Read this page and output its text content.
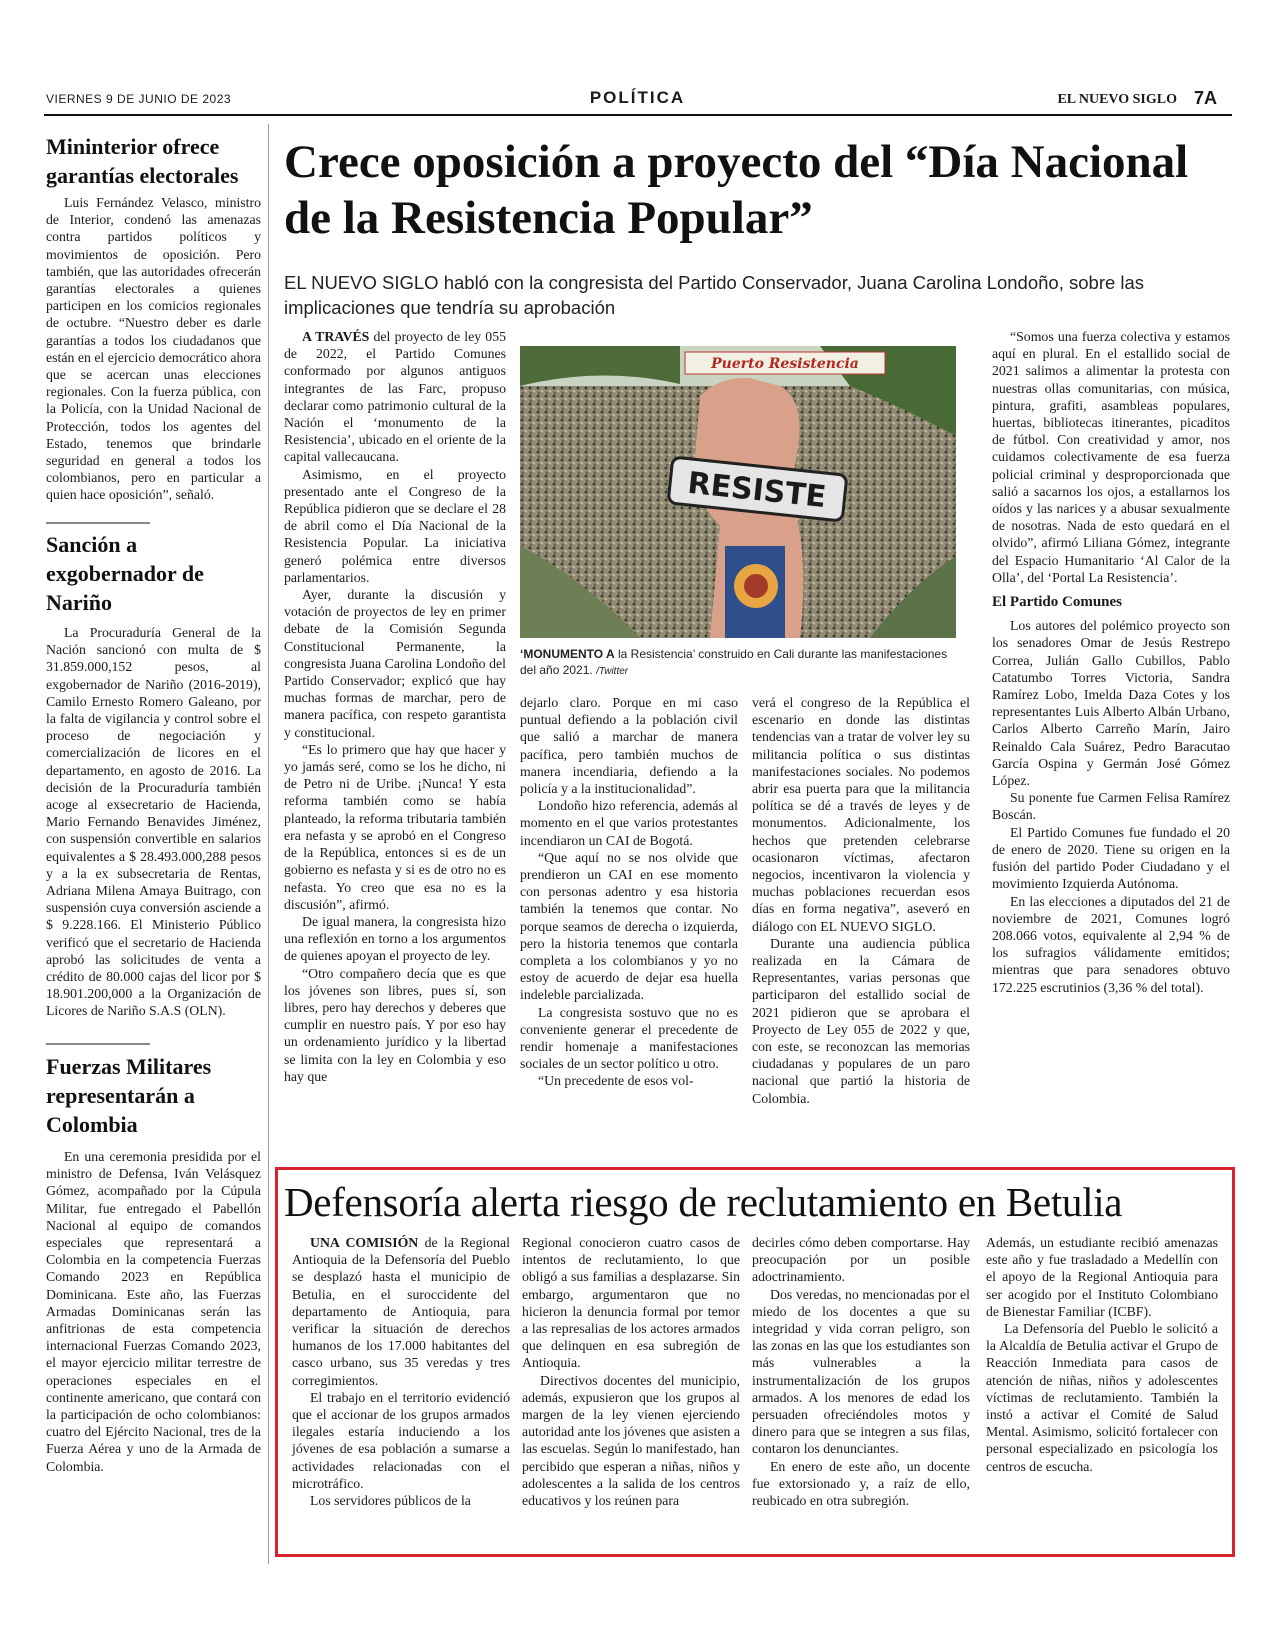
VIERNES 9 DE JUNIO DE 2023	POLÍTICA	EL NUEVO SIGLO 7A
Mininterior ofrece garantías electorales

Luis Fernández Velasco, ministro de Interior, condenó las amenazas contra partidos políticos y movimientos de oposición. Pero también, que las autoridades ofrecerán garantías electorales a quienes participen en los comicios regionales de octubre. “Nuestro deber es darle garantías a todos los ciudadanos que están en el ejercicio democrático ahora que se acercan unas elecciones regionales. Con la fuerza pública, con la Policía, con la Unidad Nacional de Protección, todos los agentes del Estado, tenemos que brindarle seguridad en general a todos los colombianos, pero en particular a quien hace oposición”, señaló.

Sanción a exgobernador de Nariño

La Procuraduría General de la Nación sancionó con multa de $ 31.859.000,152 pesos, al exgobernador de Nariño (2016-2019), Camilo Ernesto Romero Galeano, por la falta de vigilancia y control sobre el proceso de negociación y comercialización de licores en el departamento, en agosto de 2016. La decisión de la Procuraduría también acoge al exsecretario de Hacienda, Mario Fernando Benavides Jiménez, con suspensión convertible en salarios equivalentes a $ 28.493.000,288 pesos y a la ex subsecretaria de Rentas, Adriana Milena Amaya Buitrago, con suspensión cuya conversión asciende a $ 9.228.166. El Ministerio Público verificó que el secretario de Hacienda aprobó las solicitudes de venta a crédito de 80.000 cajas del licor por $ 18.901.200,000 a la Organización de Licores de Nariño S.A.S (OLN).

Fuerzas Militares representarán a Colombia

En una ceremonia presidida por el ministro de Defensa, Iván Velásquez Gómez, acompañado por la Cúpula Militar, fue entregado el Pabellón Nacional al equipo de comandos especiales que representará a Colombia en la competencia Fuerzas Comando 2023 en República Dominicana. Este año, las Fuerzas Armadas Dominicanas serán las anfitrionas de esta competencia internacional Fuerzas Comando 2023, el mayor ejercicio militar terrestre de operaciones especiales en el continente americano, que contará con la participación de ocho colombianos: cuatro del Ejército Nacional, tres de la Fuerza Aérea y uno de la Armada de Colombia.

Crece oposición a proyecto del “Día Nacional de la Resistencia Popular”
EL NUEVO SIGLO habló con la congresista del Partido Conservador, Juana Carolina Londoño, sobre las implicaciones que tendría su aprobación

A TRAVÉS del proyecto de ley 055 de 2022, el Partido Comunes conformado por algunos antiguos integrantes de las Farc, propuso declarar como patrimonio cultural de la Nación el ‘monumento de la Resistencia’, ubicado en el oriente de la capital vallecaucana.

Asimismo, en el proyecto presentado ante el Congreso de la República pidieron que se declare el 28 de abril como el Día Nacional de la Resistencia Popular. La iniciativa generó polémica entre diversos parlamentarios.

Ayer, durante la discusión y votación de proyectos de ley en primer debate de la Comisión Segunda Constitucional Permanente, la congresista Juana Carolina Londoño del Partido Conservador; explicó que hay muchas formas de marchar, pero de manera pacífica, con respeto garantista y constitucional.

“Es lo primero que hay que hacer y yo jamás seré, como se los he dicho, ni de Petro ni de Uribe. ¡Nunca! Y esta reforma también como se había planteado, la reforma tributaria también era nefasta y se aprobó en el Congreso de la República, entonces si es de un gobierno es nefasta y si es de otro no es nefasta. Yo creo que esa no es la discusión”, afirmó.

De igual manera, la congresista hizo una reflexión en torno a los argumentos de quienes apoyan el proyecto de ley.

“Otro compañero decía que es que los jóvenes son libres, pues sí, son libres, pero hay derechos y deberes que cumplir en nuestro país. Y por eso hay un ordenamiento jurídico y la libertad se limita con la ley en Colombia y eso hay que

Puerto Resistencia
RESISTE
‘MONUMENTO A la Resistencia’ construido en Cali durante las manifestaciones del año 2021. /Twitter

dejarlo claro. Porque en mi caso puntual defiendo a la población civil que salió a marchar de manera pacífica, pero también muchos de manera incendiaria, defiendo a la policía y a la institucionalidad”.

Londoño hizo referencia, además al momento en el que varios protestantes incendiaron un CAI de Bogotá.

“Que aquí no se nos olvide que prendieron un CAI en ese momento con personas adentro y esa historia también la tenemos que contar. No porque seamos de derecha o izquierda, pero la historia tenemos que contarla completa a los colombianos y yo no estoy de acuerdo de dejar esa huella indeleble parcializada.

La congresista sostuvo que no es conveniente generar el precedente de rendir homenaje a manifestaciones sociales de un sector político u otro.

“Un precedente de esos vol-

verá el congreso de la República el escenario en donde las distintas tendencias van a tratar de volver ley su militancia política o sus distintas manifestaciones sociales. No podemos abrir esa puerta para que la militancia política se dé a través de leyes y de monumentos. Adicionalmente, los hechos que pretenden celebrarse ocasionaron víctimas, afectaron negocios, incentivaron la violencia y muchas poblaciones recuerdan esos días en forma negativa”, aseveró en diálogo con EL NUEVO SIGLO.

Durante una audiencia pública realizada en la Cámara de Representantes, varias personas que participaron del estallido social de 2021 pidieron que se aprobara el Proyecto de Ley 055 de 2022 y que, con este, se reconozcan las memorias ciudadanas y populares de un paro nacional que partió la historia de Colombia.

“Somos una fuerza colectiva y estamos aquí en plural. En el estallido social de 2021 salimos a alimentar la protesta con nuestras ollas comunitarias, con música, pintura, grafiti, asambleas populares, huertas, bibliotecas itinerantes, picaditos de fútbol. Con creatividad y amor, nos cuidamos colectivamente de esa fuerza policial criminal y desproporcionada que salió a sacarnos los ojos, a estallarnos los oídos y las narices y a abusar sexualmente de nosotras. Nada de esto quedará en el olvido”, afirmó Liliana Gómez, integrante del Espacio Humanitario ‘Al Calor de la Olla’, del ‘Portal La Resistencia’.

El Partido Comunes

Los autores del polémico proyecto son los senadores Omar de Jesús Restrepo Correa, Julián Gallo Cubillos, Pablo Catatumbo Torres Victoria, Sandra Ramírez Lobo, Imelda Daza Cotes y los representantes Luis Alberto Albán Urbano, Carlos Alberto Carreño Marín, Jairo Reinaldo Cala Suárez, Pedro Baracutao García Ospina y Germán José Gómez López.

Su ponente fue Carmen Felisa Ramírez Boscán.

El Partido Comunes fue fundado el 20 de enero de 2020. Tiene su origen en la fusión del partido Poder Ciudadano y el movimiento Izquierda Autónoma.

En las elecciones a diputados del 21 de noviembre de 2021, Comunes logró 208.066 votos, equivalente al 2,94 % de los sufragios válidamente emitidos; mientras que para senadores obtuvo 172.225 escrutinios (3,36 % del total).

Defensoría alerta riesgo de reclutamiento en Betulia

UNA COMISIÓN de la Regional Antioquia de la Defensoría del Pueblo se desplazó hasta el municipio de Betulia, en el suroccidente del departamento de Antioquia, para verificar la situación de derechos humanos de los 17.000 habitantes del casco urbano, sus 35 veredas y tres corregimientos.

El trabajo en el territorio evidenció que el accionar de los grupos armados ilegales estaría induciendo a los jóvenes de esa población a sumarse a actividades relacionadas con el microtráfico.

Los servidores públicos de la

Regional conocieron cuatro casos de intentos de reclutamiento, lo que obligó a sus familias a desplazarse. Sin embargo, argumentaron que no hicieron la denuncia formal por temor a las represalias de los actores armados que delinquen en esa subregión de Antioquia.

Directivos docentes del municipio, además, expusieron que los grupos al margen de la ley vienen ejerciendo autoridad ante los jóvenes que asisten a las escuelas. Según lo manifestado, han percibido que esperan a niñas, niños y adolescentes a la salida de los centros educativos y los reúnen para

decirles cómo deben comportarse. Hay preocupación por un posible adoctrinamiento.

Dos veredas, no mencionadas por el miedo de los docentes a que su integridad y vida corran peligro, son las zonas en las que los estudiantes son más vulnerables a la instrumentalización de los grupos armados. A los menores de edad los persuaden ofreciéndoles motos y dinero para que se integren a sus filas, contaron los denunciantes.

En enero de este año, un docente fue extorsionado y, a raíz de ello, reubicado en otra subregión.

Además, un estudiante recibió amenazas este año y fue trasladado a Medellín con el apoyo de la Regional Antioquia para ser acogido por el Instituto Colombiano de Bienestar Familiar (ICBF).

La Defensoría del Pueblo le solicitó a la Alcaldía de Betulia activar el Grupo de Reacción Inmediata para casos de atención de niñas, niños y adolescentes víctimas de reclutamiento. También la instó a activar el Comité de Salud Mental. Asimismo, solicitó fortalecer con personal especializado en psicología los centros de escucha.
